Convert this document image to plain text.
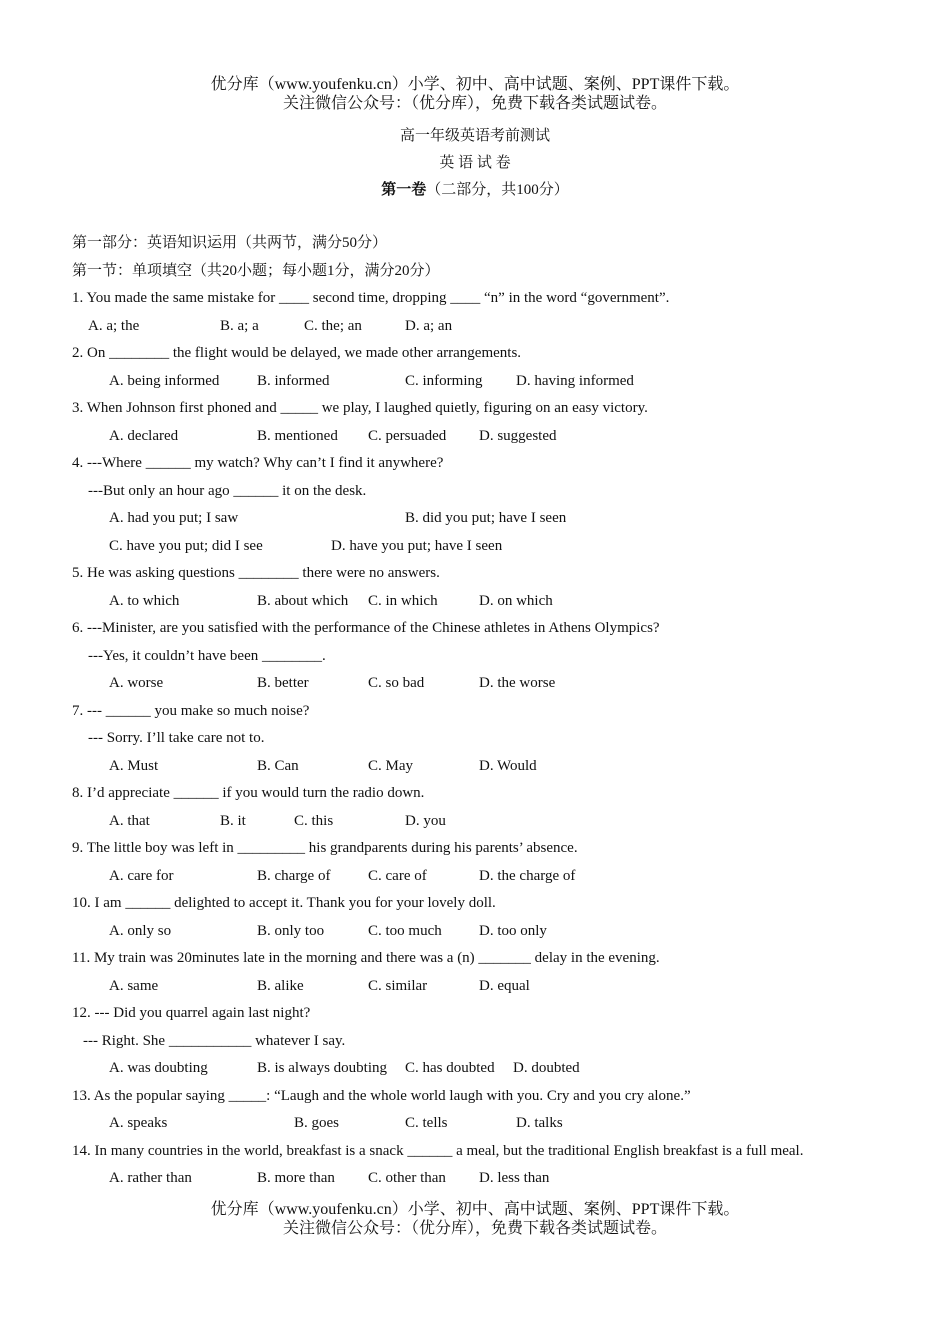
优分库（www.youfenku.cn）小学、初中、高中试题、案例、PPT课件下载。
关注微信公众号：（优分库），免费下载各类试题试卷。
高一年级英语考前测试
英 语 试 卷
第一卷（二部分，共100分）
第一部分：英语知识运用（共两节，满分50分）
第一节：单项填空（共20小题；每小题1分，满分20分）
1. You made the same mistake for ____ second time, dropping ____ “n” in the word “government”.
A. a; the	B. a; a	C. the; an	D. a; an
2. On ________ the flight would be delayed, we made other arrangements.
A. being informed	B. informed	C. informing D. having informed
3. When Johnson first phoned and _____ we play, I laughed quietly, figuring on an easy victory.
A. declared	B. mentioned C. persuaded D. suggested
4. ---Where ______ my watch? Why can’t I find it anywhere?
---But only an hour ago ______ it on the desk.
A. had you put; I saw	B. did you put; have I seen
C. have you put; did I see	D. have you put; have I seen
5. He was asking questions ________ there were no answers.
A. to which	B. about which C. in which	D. on which
6. ---Minister, are you satisfied with the performance of the Chinese athletes in Athens Olympics?
---Yes, it couldn’t have been ________.
A. worse	B. better	C. so bad	D. the worse
7. --- ______ you make so much noise?
--- Sorry. I’ll take care not to.
A. Must	B. Can	C. May	D. Would
8. I’d appreciate ______ if you would turn the radio down.
A. that	B. it	C. this	D. you
9. The little boy was left in _________ his grandparents during his parents’ absence.
A. care for	B. charge of	C. care of	D. the charge of
10. I am ______ delighted to accept it. Thank you for your lovely doll.
A. only so	B. only too	C. too much D. too only
11. My train was 20minutes late in the morning and there was a (n) _______ delay in the evening.
A. same	B. alike	C. similar	D. equal
12. --- Did you quarrel again last night?
--- Right. She ___________ whatever I say.
A. was doubting	B. is always doubting C. has doubted D. doubted
13. As the popular saying _____: “Laugh and the whole world laugh with you. Cry and you cry alone.”
A. speaks	B. goes	C. tells	D. talks
14. In many countries in the world, breakfast is a snack ______ a meal, but the traditional English breakfast is a full meal.
A. rather than	B. more than C. other than D. less than
优分库（www.youfenku.cn）小学、初中、高中试题、案例、PPT课件下载。
关注微信公众号：（优分库），免费下载各类试题试卷。
